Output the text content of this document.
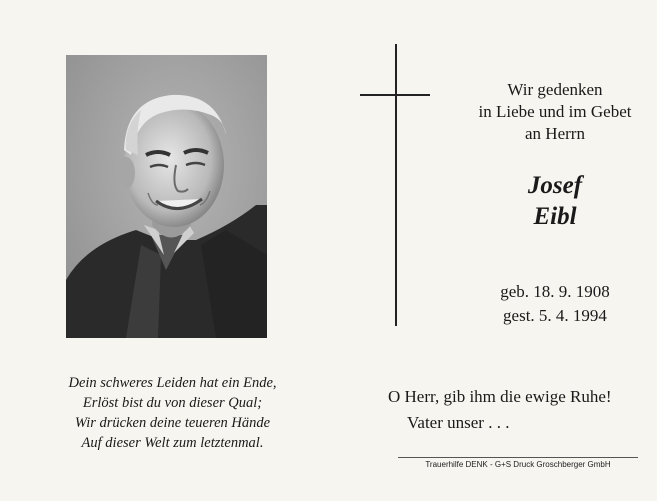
Dein schweres Leiden hat ein Ende,
Erlöst bist du von dieser Qual;
Wir drücken deine teueren Hände
Auf dieser Welt zum letztenmal.
Wir gedenken
in Liebe und im Gebet
an Herrn
Josef
Eibl
geb. 18. 9. 1908
gest. 5. 4. 1994
O Herr, gib ihm die ewige Ruhe!
Vater unser . . .
Trauerhilfe DENK - G+S Druck Groschberger GmbH
